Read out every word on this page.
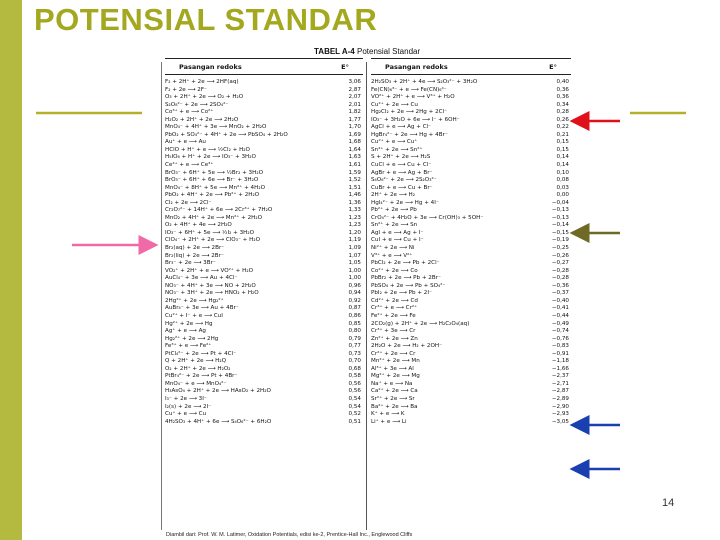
POTENSIAL STANDAR
TABEL A-4 Potensial Standar
Pasangan redoks	E°
F₂ + 2H⁺ + 2e ⟶ 2HF(aq)	3,06
F₂ + 2e ⟶ 2F⁻	2,87
O₃ + 2H⁺ + 2e ⟶ O₂ + H₂O	2,07
S₂O₈²⁻ + 2e ⟶ 2SO₄²⁻	2,01
Co³⁺ + e ⟶ Co²⁺	1,82
H₂O₂ + 2H⁺ + 2e ⟶ 2H₂O	1,77
MnO₄⁻ + 4H⁺ + 3e ⟶ MnO₂ + 2H₂O	1,70
PbO₂ + SO₄²⁻ + 4H⁺ + 2e ⟶ PbSO₄ + 2H₂O	1,69
Au⁺ + e ⟶ Au	1,68
HClO + H⁺ + e ⟶ ½Cl₂ + H₂O	1,64
H₅IO₆ + H⁺ + 2e ⟶ IO₃⁻ + 3H₂O	1,63
Ce⁴⁺ + e ⟶ Ce³⁺	1,61
BrO₃⁻ + 6H⁺ + 5e ⟶ ½Br₂ + 3H₂O	1,59
BrO₃⁻ + 6H⁺ + 6e ⟶ Br⁻ + 3H₂O	1,52
MnO₄⁻ + 8H⁺ + 5e ⟶ Mn²⁺ + 4H₂O	1,51
PbO₂ + 4H⁺ + 2e ⟶ Pb²⁺ + 2H₂O	1,46
Cl₂ + 2e ⟶ 2Cl⁻	1,36
Cr₂O₇²⁻ + 14H⁺ + 6e ⟶ 2Cr³⁺ + 7H₂O	1,33
MnO₂ + 4H⁺ + 2e ⟶ Mn²⁺ + 2H₂O	1,23
O₂ + 4H⁺ + 4e ⟶ 2H₂O	1,23
IO₃⁻ + 6H⁺ + 5e ⟶ ½I₂ + 3H₂O	1,20
ClO₄⁻ + 2H⁺ + 2e ⟶ ClO₃⁻ + H₂O	1,19
Br₂(aq) + 2e ⟶ 2Br⁻	1,09
Br₂(liq) + 2e ⟶ 2Br⁻	1,07
Br₃⁻ + 2e ⟶ 3Br⁻	1,05
VO₂⁺ + 2H⁺ + e ⟶ VO²⁺ + H₂O	1,00
AuCl₄⁻ + 3e ⟶ Au + 4Cl⁻	1,00
NO₃⁻ + 4H⁺ + 3e ⟶ NO + 2H₂O	0,96
NO₃⁻ + 3H⁺ + 2e ⟶ HNO₂ + H₂O	0,94
2Hg²⁺ + 2e ⟶ Hg₂²⁺	0,92
AuBr₄⁻ + 3e ⟶ Au + 4Br⁻	0,87
Cu²⁺ + I⁻ + e ⟶ CuI	0,86
Hg²⁺ + 2e ⟶ Hg	0,85
Ag⁺ + e ⟶ Ag	0,80
Hg₂²⁺ + 2e ⟶ 2Hg	0,79
Fe³⁺ + e ⟶ Fe²⁺	0,77
PtCl₄²⁻ + 2e ⟶ Pt + 4Cl⁻	0,73
Q + 2H⁺ + 2e ⟶ H₂Q	0,70
O₂ + 2H⁺ + 2e ⟶ H₂O₂	0,68
PtBr₄²⁻ + 2e ⟶ Pt + 4Br⁻	0,58
MnO₄⁻ + e ⟶ MnO₄²⁻	0,56
H₃AsO₄ + 2H⁺ + 2e ⟶ HAsO₂ + 2H₂O	0,56
I₃⁻ + 2e ⟶ 3I⁻	0,54
I₂(s) + 2e ⟶ 2I⁻	0,54
Cu⁺ + e ⟶ Cu	0,52
4H₂SO₃ + 4H⁺ + 6e ⟶ S₄O₆²⁻ + 6H₂O	0,51
Pasangan redoks	E°
2H₂SO₃ + 2H⁺ + 4e ⟶ S₂O₃²⁻ + 3H₂O	0,40
Fe(CN)₆³⁻ + e ⟶ Fe(CN)₆⁴⁻	0,36
VO²⁺ + 2H⁺ + e ⟶ V³⁺ + H₂O	0,36
Cu²⁺ + 2e ⟶ Cu	0,34
Hg₂Cl₂ + 2e ⟶ 2Hg + 2Cl⁻	0,28
IO₃⁻ + 3H₂O + 6e ⟶ I⁻ + 6OH⁻	0,26
AgCl + e ⟶ Ag + Cl⁻	0,22
HgBr₄²⁻ + 2e ⟶ Hg + 4Br⁻	0,21
Cu²⁺ + e ⟶ Cu⁺	0,15
Sn⁴⁺ + 2e ⟶ Sn²⁺	0,15
S + 2H⁺ + 2e ⟶ H₂S	0,14
CuCl + e ⟶ Cu + Cl⁻	0,14
AgBr + e ⟶ Ag + Br⁻	0,10
S₄O₆²⁻ + 2e ⟶ 2S₂O₃²⁻	0,08
CuBr + e ⟶ Cu + Br⁻	0,03
2H⁺ + 2e ⟶ H₂	0,00
HgI₄²⁻ + 2e ⟶ Hg + 4I⁻	−0,04
Pb²⁺ + 2e ⟶ Pb	−0,13
CrO₄²⁻ + 4H₂O + 3e ⟶ Cr(OH)₃ + 5OH⁻	−0,13
Sn²⁺ + 2e ⟶ Sn	−0,14
AgI + e ⟶ Ag + I⁻	−0,15
CuI + e ⟶ Cu + I⁻	−0,19
Ni²⁺ + 2e ⟶ Ni	−0,25
V³⁺ + e ⟶ V²⁺	−0,26
PbCl₂ + 2e ⟶ Pb + 2Cl⁻	−0,27
Co²⁺ + 2e ⟶ Co	−0,28
PbBr₂ + 2e ⟶ Pb + 2Br⁻	−0,28
PbSO₄ + 2e ⟶ Pb + SO₄²⁻	−0,36
PbI₂ + 2e ⟶ Pb + 2I⁻	−0,37
Cd²⁺ + 2e ⟶ Cd	−0,40
Cr³⁺ + e ⟶ Cr²⁺	−0,41
Fe²⁺ + 2e ⟶ Fe	−0,44
2CO₂(g) + 2H⁺ + 2e ⟶ H₂C₂O₄(aq)	−0,49
Cr³⁺ + 3e ⟶ Cr	−0,74
Zn²⁺ + 2e ⟶ Zn	−0,76
2H₂O + 2e ⟶ H₂ + 2OH⁻	−0,83
Cr²⁺ + 2e ⟶ Cr	−0,91
Mn²⁺ + 2e ⟶ Mn	−1,18
Al³⁺ + 3e ⟶ Al	−1,66
Mg²⁺ + 2e ⟶ Mg	−2,37
Na⁺ + e ⟶ Na	−2,71
Ca²⁺ + 2e ⟶ Ca	−2,87
Sr²⁺ + 2e ⟶ Sr	−2,89
Ba²⁺ + 2e ⟶ Ba	−2,90
K⁺ + e ⟶ K	−2,93
Li⁺ + e ⟶ Li	−3,05
Diambil dari: Prof. W. M. Latimer, Oxidation Potentials, edisi ke-2, Prentice-Hall Inc., Englewood Cliffs
14
